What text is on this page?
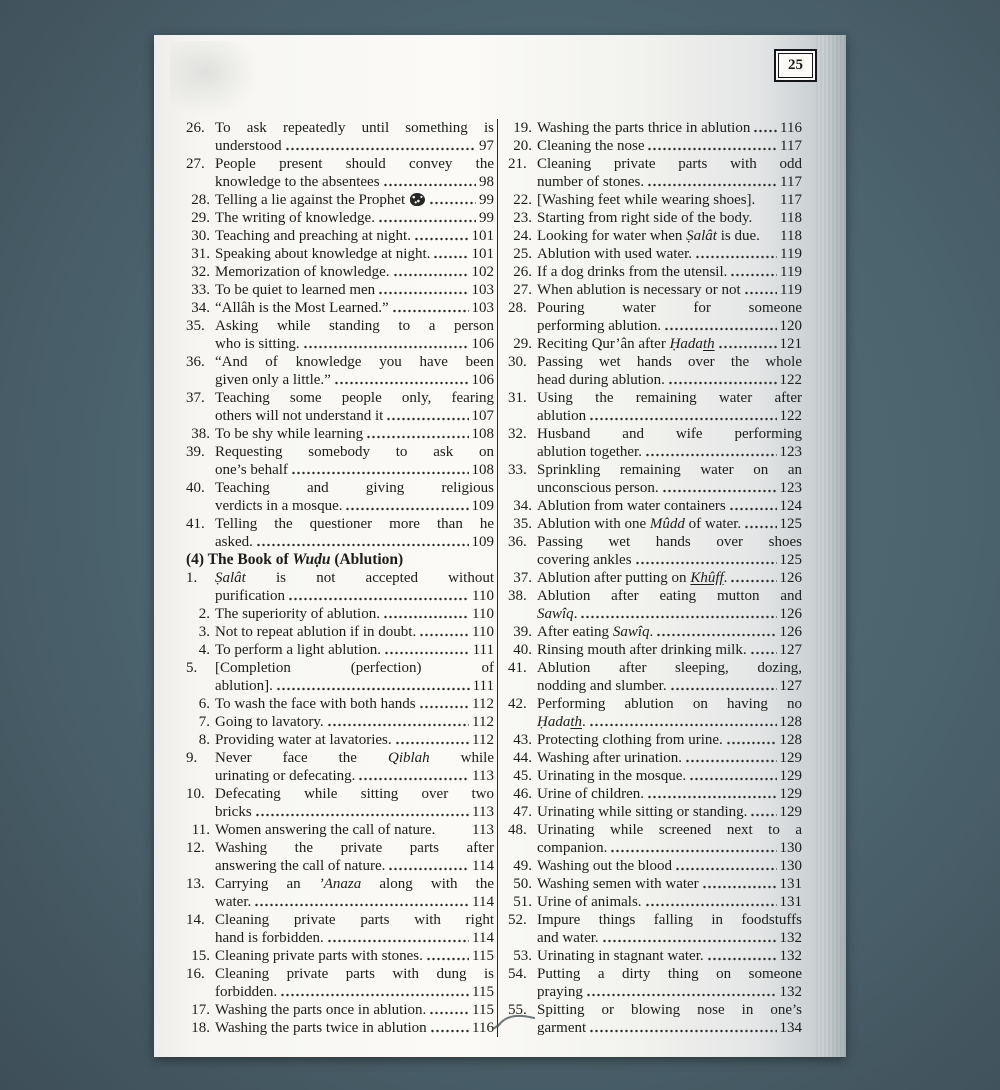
25
26. To ask repeatedly until something is
understood	97
27. People present should convey the
knowledge to the absentees	98
28. Telling a lie against the Prophet	99
29. The writing of knowledge.	99
30. Teaching and preaching at night.	101
31. Speaking about knowledge at night.	101
32. Memorization of knowledge.	102
33. To be quiet to learned men	103
34. “Allâh is the Most Learned.”	103
35. Asking while standing to a person
who is sitting.	106
36. “And of knowledge you have been
given only a little.”	106
37. Teaching some people only, fearing
others will not understand it	107
38. To be shy while learning	108
39. Requesting somebody to ask on
one’s behalf	108
40. Teaching and giving religious
verdicts in a mosque.	109
41. Telling the questioner more than he
asked.	109
(4) The Book of Wuḍu (Ablution)
1. Ṣalât is not accepted without
purification	110
2. The superiority of ablution.	110
3. Not to repeat ablution if in doubt.	110
4. To perform a light ablution.	111
5. [Completion (perfection) of
ablution].	111
6. To wash the face with both hands	112
7. Going to lavatory.	112
8. Providing water at lavatories.	112
9. Never face the Qiblah while
urinating or defecating.	113
10. Defecating while sitting over two
bricks	113
11. Women answering the call of nature. 113
12. Washing the private parts after
answering the call of nature.	114
13. Carrying an ’Anaza along with the
water.	114
14. Cleaning private parts with right
hand is forbidden.	114
15. Cleaning private parts with stones.	115
16. Cleaning private parts with dung is
forbidden.	115
17. Washing the parts once in ablution.	115
18. Washing the parts twice in ablution	116
19. Washing the parts thrice in ablution 116
20. Cleaning the nose	117
21. Cleaning private parts with odd
number of stones.	117
22. [Washing feet while wearing shoes]. 117
23. Starting from right side of the body. 118
24. Looking for water when Ṣalât is due. 118
25. Ablution with used water.	119
26. If a dog drinks from the utensil.	119
27. When ablution is necessary or not	119
28. Pouring water for someone
performing ablution.	120
29. Reciting Qur’ân after Ḥadath	121
30. Passing wet hands over the whole
head during ablution.	122
31. Using the remaining water after
ablution	122
32. Husband and wife performing
ablution together.	123
33. Sprinkling remaining water on an
unconscious person.	123
34. Ablution from water containers	124
35. Ablution with one Mûdd of water.	125
36. Passing wet hands over shoes
covering ankles	125
37. Ablution after putting on Khûff.	126
38. Ablution after eating mutton and
Sawîq.	126
39. After eating Sawîq.	126
40. Rinsing mouth after drinking milk. 127
41. Ablution after sleeping, dozing,
nodding and slumber.	127
42. Performing ablution on having no
Ḥadath.	128
43. Protecting clothing from urine.	128
44. Washing after urination.	129
45. Urinating in the mosque.	129
46. Urine of children.	129
47. Urinating while sitting or standing. 129
48. Urinating while screened next to a
companion.	130
49. Washing out the blood	130
50. Washing semen with water	131
51. Urine of animals.	131
52. Impure things falling in foodstuffs
and water.	132
53. Urinating in stagnant water.	132
54. Putting a dirty thing on someone
praying	132
55. Spitting or blowing nose in one’s
garment	134
